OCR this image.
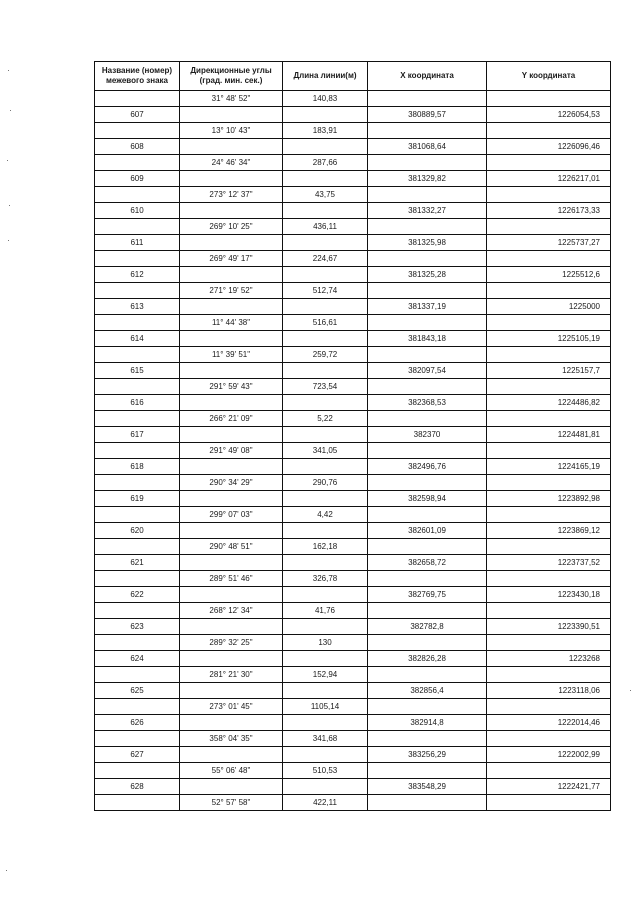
Название (номер) межевого знака	Дирекционные углы (град. мин. сек.)	Длина линии(м)	X координата	Y координата
	31° 48' 52"	140,83		
607			380889,57	1226054,53
	13° 10' 43"	183,91		
608			381068,64	1226096,46
	24° 46' 34"	287,66		
609			381329,82	1226217,01
	273° 12' 37"	43,75		
610			381332,27	1226173,33
	269° 10' 25"	436,11		
611			381325,98	1225737,27
	269° 49' 17"	224,67		
612			381325,28	1225512,6
	271° 19' 52"	512,74		
613			381337,19	1225000
	11° 44' 38"	516,61		
614			381843,18	1225105,19
	11° 39' 51"	259,72		
615			382097,54	1225157,7
	291° 59' 43"	723,54		
616			382368,53	1224486,82
	266° 21' 09"	5,22		
617			382370	1224481,81
	291° 49' 08"	341,05		
618			382496,76	1224165,19
	290° 34' 29"	290,76		
619			382598,94	1223892,98
	299° 07' 03"	4,42		
620			382601,09	1223869,12
	290° 48' 51"	162,18		
621			382658,72	1223737,52
	289° 51' 46"	326,78		
622			382769,75	1223430,18
	268° 12' 34"	41,76		
623			382782,8	1223390,51
	289° 32' 25"	130		
624			382826,28	1223268
	281° 21' 30"	152,94		
625			382856,4	1223118,06
	273° 01' 45"	1105,14		
626			382914,8	1222014,46
	358° 04' 35"	341,68		
627			383256,29	1222002,99
	55° 06' 48"	510,53		
628			383548,29	1222421,77
	52° 57' 58"	422,11		
